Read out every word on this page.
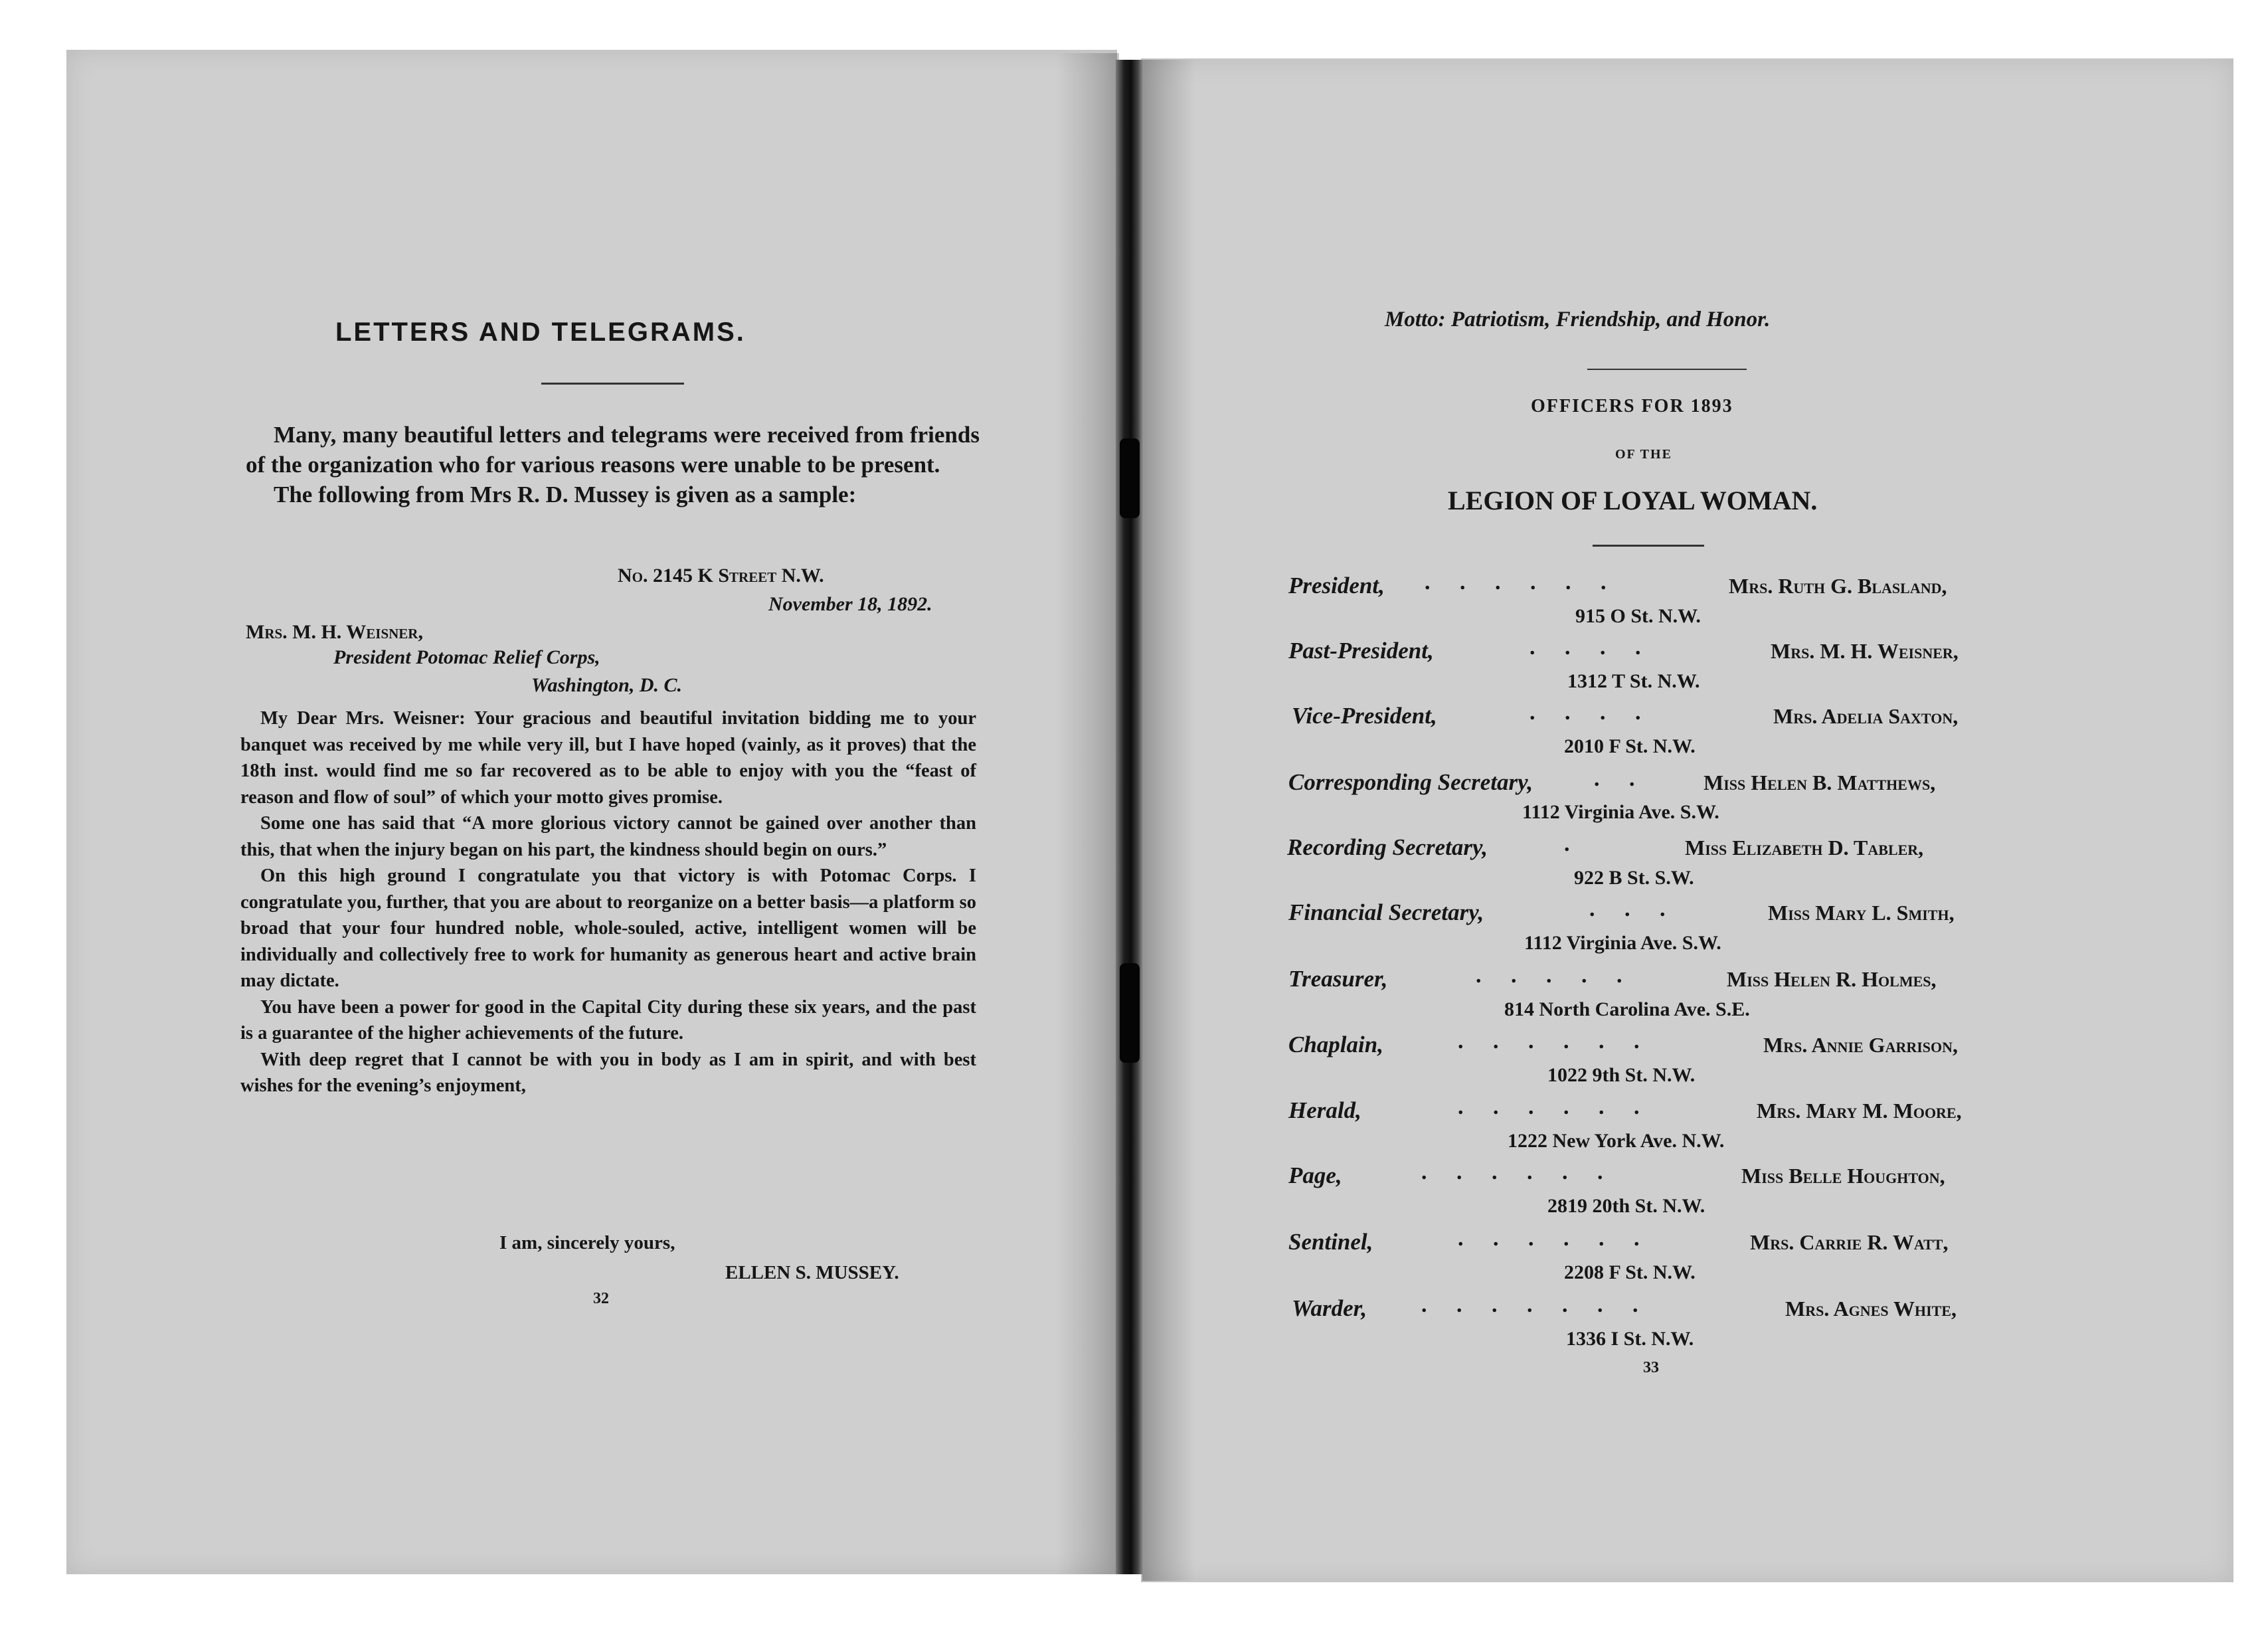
LETTERS AND TELEGRAMS.

Many, many beautiful letters and telegrams were received from friends of the organization who for various reasons were unable to be present.

The following from Mrs R. D. Mussey is given as a sample:

No. 2145 K Street N.W.
November 18, 1892.
Mrs. M. H. Weisner,
President Potomac Relief Corps,
Washington, D. C.

My Dear Mrs. Weisner: Your gracious and beautiful invitation bidding me to your banquet was received by me while very ill, but I have hoped (vainly, as it proves) that the 18th inst. would find me so far recovered as to be able to enjoy with you the “feast of reason and flow of soul” of which your motto gives promise.

Some one has said that “A more glorious victory cannot be gained over another than this, that when the injury began on his part, the kindness should begin on ours.”

On this high ground I congratulate you that victory is with Potomac Corps. I congratulate you, further, that you are about to reorganize on a better basis—a platform so broad that your four hundred noble, whole-souled, active, intelligent women will be individually and collectively free to work for humanity as generous heart and active brain may dictate.

You have been a power for good in the Capital City during these six years, and the past is a guarantee of the higher achievements of the future.

With deep regret that I cannot be with you in body as I am in spirit, and with best wishes for the evening’s enjoyment,

I am, sincerely yours,
ELLEN S. MUSSEY.
32
Motto: Patriotism, Friendship, and Honor.
OFFICERS FOR 1893
OF THE
LEGION OF LOYAL WOMAN.
President, . . . . . .	Mrs. Ruth G. Blasland,
915 O St. N.W.
Past-President,	. . . .	Mrs. M. H. Weisner,
1312 T St. N.W.
Vice-President,	. . . .	Mrs. Adelia Saxton,
2010 F St. N.W.
Corresponding Secretary,	. .	Miss Helen B. Matthews,
1112 Virginia Ave. S.W.
Recording Secretary,	.	Miss Elizabeth D. Tabler,
922 B St. S.W.
Financial Secretary,	. . .	Miss Mary L. Smith,
1112 Virginia Ave. S.W.
Treasurer,	. . . . .	Miss Helen R. Holmes,
814 North Carolina Ave. S.E.
Chaplain,	. . . . . .	Mrs. Annie Garrison,
1022 9th St. N.W.
Herald,	. . . . . .	Mrs. Mary M. Moore,
1222 New York Ave. N.W.
Page,	. . . . . .	Miss Belle Houghton,
2819 20th St. N.W.
Sentinel,	. . . . . .	Mrs. Carrie R. Watt,
2208 F St. N.W.
Warder, . . . . . . .	Mrs. Agnes White,
1336 I St. N.W.
33
